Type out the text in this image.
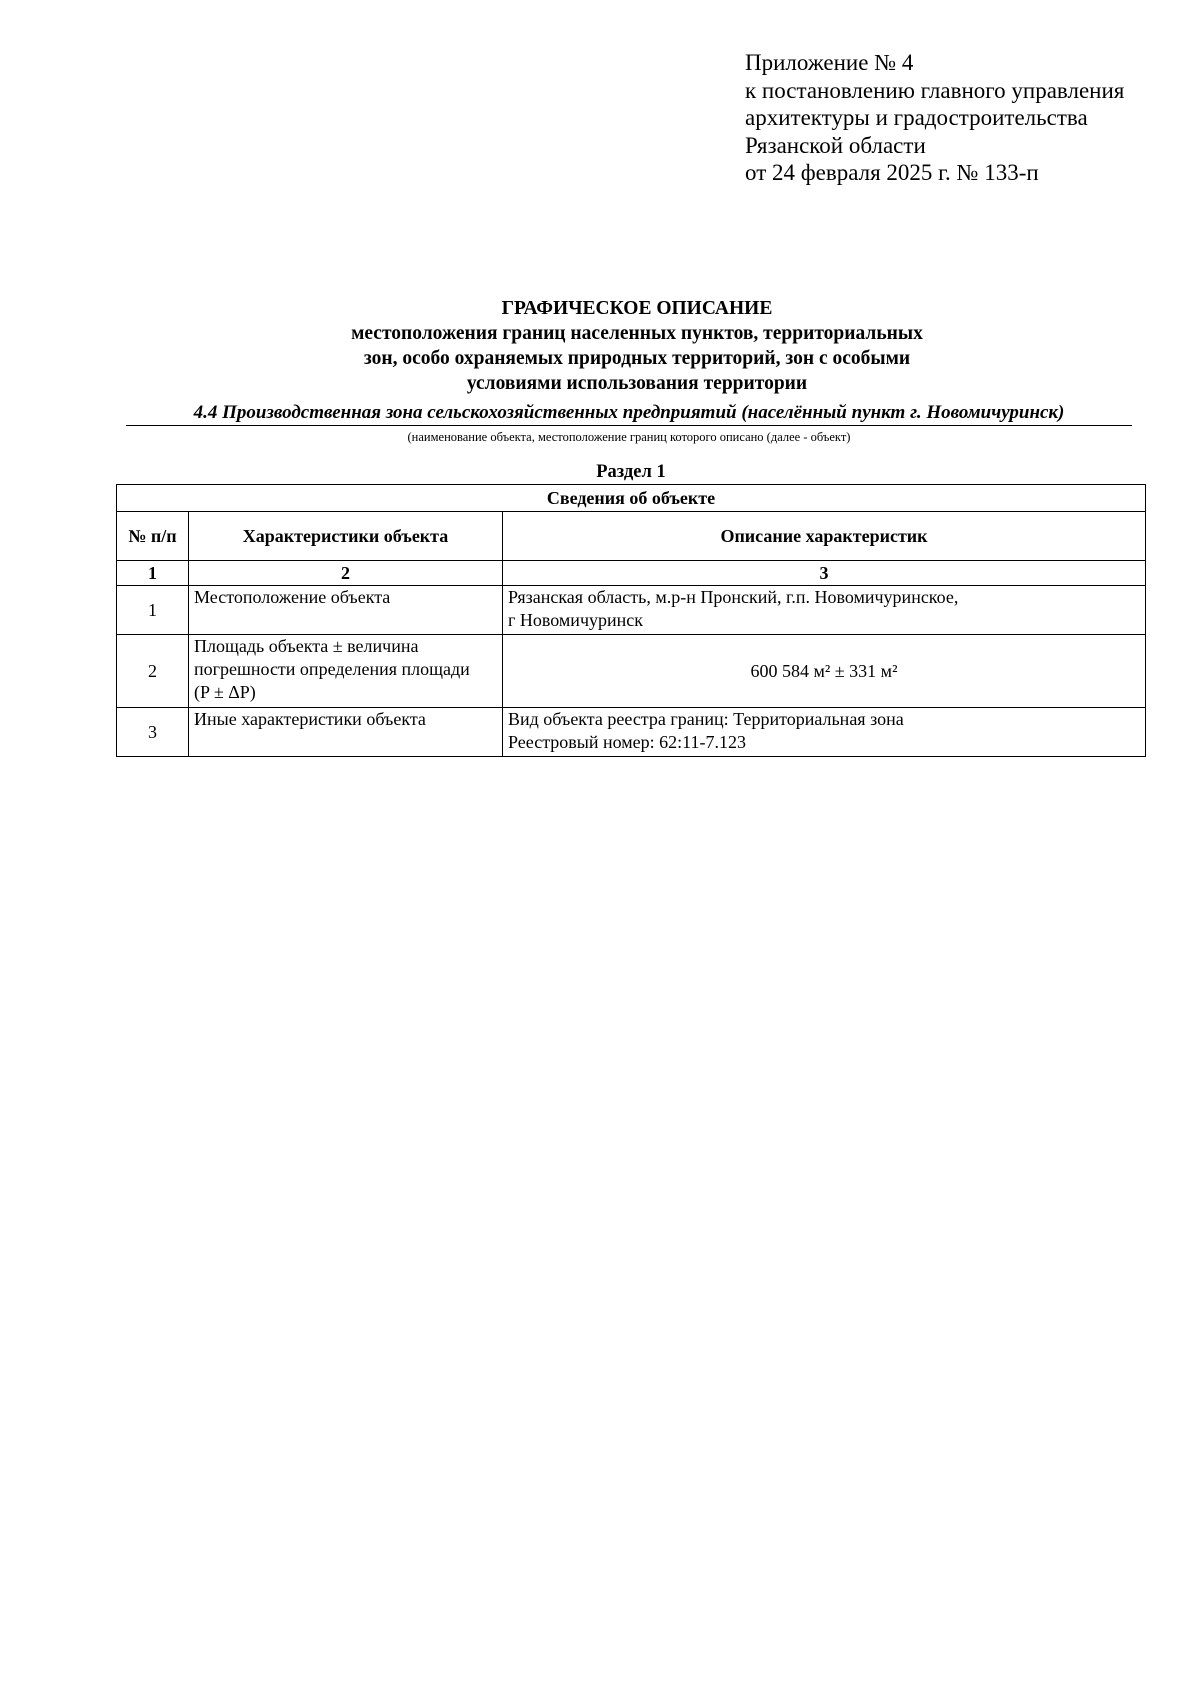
Приложение № 4
к постановлению главного управления
архитектуры и градостроительства
Рязанской области
от 24 февраля 2025 г. № 133-п
ГРАФИЧЕСКОЕ ОПИСАНИЕ
местоположения границ населенных пунктов, территориальных
зон, особо охраняемых природных территорий, зон с особыми
условиями использования территории
4.4 Производственная зона сельскохозяйственных предприятий (населённый пункт г. Новомичуринск)
(наименование объекта, местоположение границ которого описано (далее - объект)
Раздел 1
Сведения об объекте		
№ п/п	Характеристики объекта	Описание характеристик
1	2	3
1	Местоположение объекта	Рязанская область, м.р-н Пронский, г.п. Новомичуринское,
г Новомичуринск

2	Площадь объекта ± величина
погрешности определения площади
(P ± ΔP)	600 584 м² ± 331 м²
3	Иные характеристики объекта	Вид объекта реестра границ: Территориальная зона
Реестровый номер: 62:11-7.123
